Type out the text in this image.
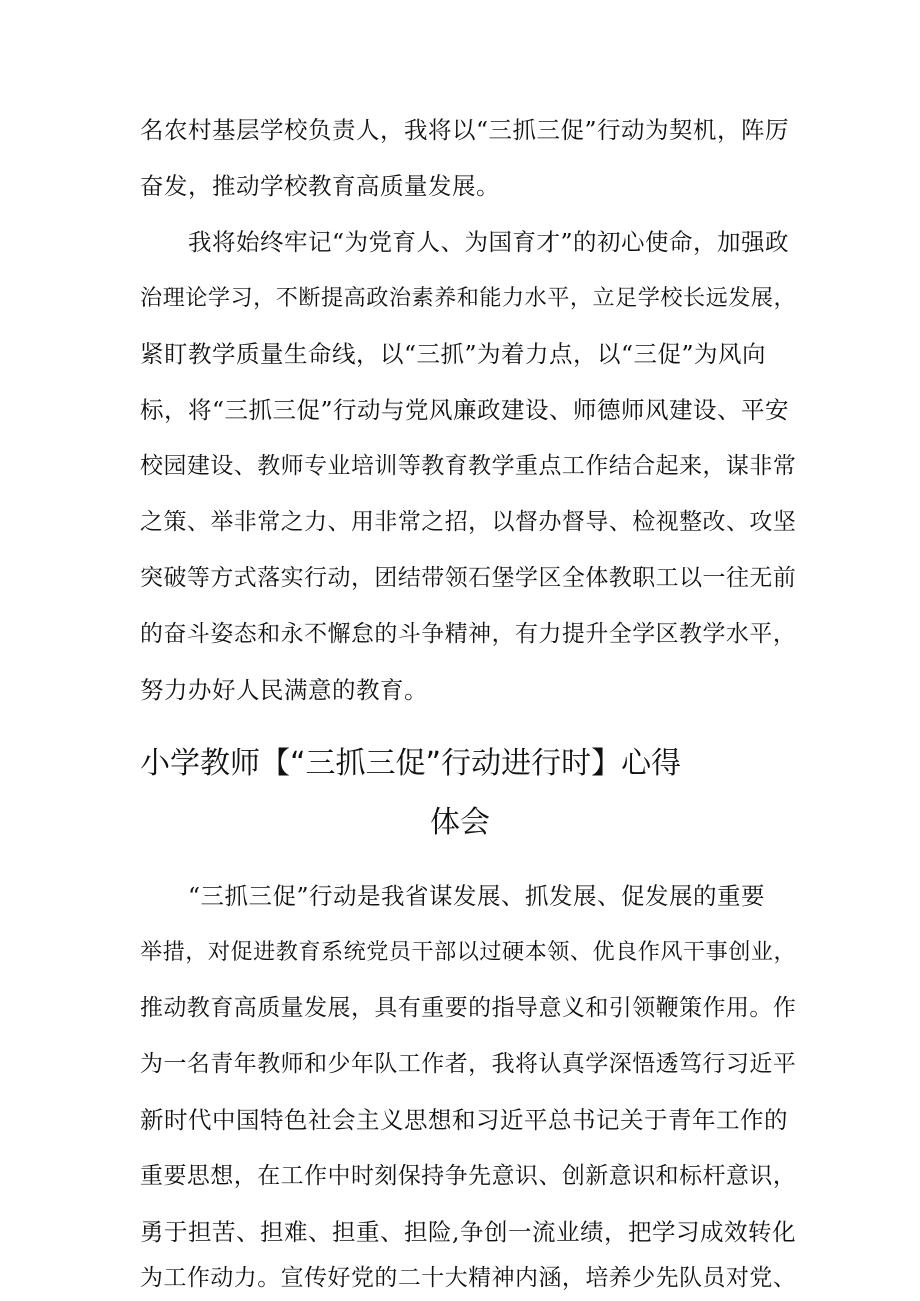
名农村基层学校负责人，我将以“三抓三促”行动为契机，阵厉
奋发，推动学校教育高质量发展。
我将始终牢记“为党育人、为国育才”的初心使命，加强政
治理论学习，不断提高政治素养和能力水平，立足学校长远发展，
紧盯教学质量生命线，以“三抓”为着力点，以“三促”为风向
标，将“三抓三促”行动与党风廉政建设、师德师风建设、平安
校园建设、教师专业培训等教育教学重点工作结合起来，谋非常
之策、举非常之力、用非常之招，以督办督导、检视整改、攻坚
突破等方式落实行动，团结带领石堡学区全体教职工以一往无前
的奋斗姿态和永不懈怠的斗争精神，有力提升全学区教学水平，
努力办好人民满意的教育。
小学教师【“三抓三促”行动进行时】心得
体会
“三抓三促”行动是我省谋发展、抓发展、促发展的重要
举措，对促进教育系统党员干部以过硬本领、优良作风干事创业，
推动教育高质量发展，具有重要的指导意义和引领鞭策作用。作
为一名青年教师和少年队工作者，我将认真学深悟透笃行习近平
新时代中国特色社会主义思想和习近平总书记关于青年工作的
重要思想，在工作中时刻保持争先意识、创新意识和标杆意识，
勇于担苦、担难、担重、担险,争创一流业绩，把学习成效转化
为工作动力。宣传好党的二十大精神内涵，培养少先队员对党、
